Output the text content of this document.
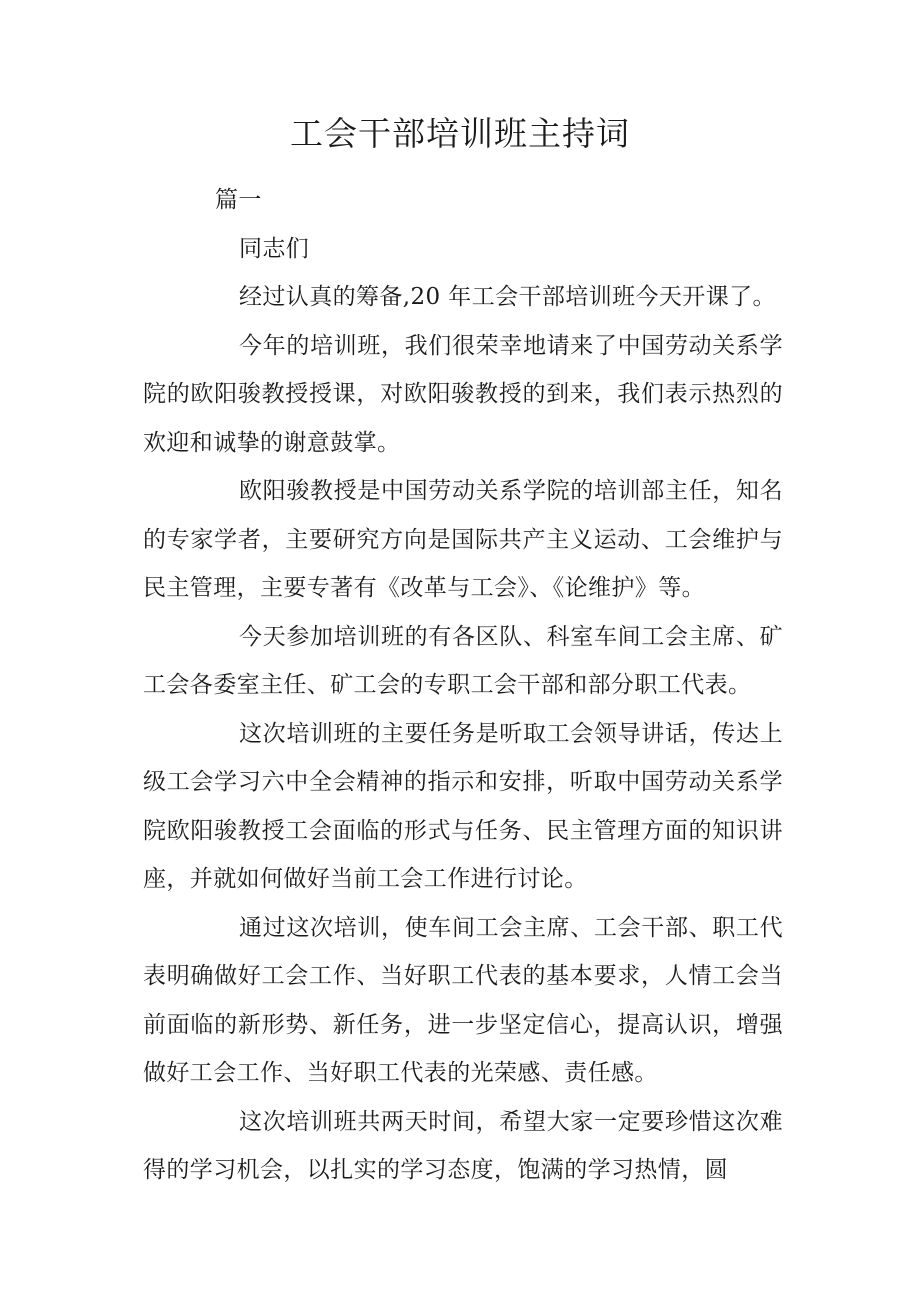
工会干部培训班主持词

篇一

同志们

经过认真的筹备,20 年工会干部培训班今天开课了。

今年的培训班，我们很荣幸地请来了中国劳动关系学院的欧阳骏教授授课，对欧阳骏教授的到来，我们表示热烈的欢迎和诚挚的谢意鼓掌。

欧阳骏教授是中国劳动关系学院的培训部主任，知名的专家学者，主要研究方向是国际共产主义运动、工会维护与民主管理，主要专著有《改革与工会》、《论维护》等。

今天参加培训班的有各区队、科室车间工会主席、矿工会各委室主任、矿工会的专职工会干部和部分职工代表。

这次培训班的主要任务是听取工会领导讲话，传达上级工会学习六中全会精神的指示和安排，听取中国劳动关系学院欧阳骏教授工会面临的形式与任务、民主管理方面的知识讲座，并就如何做好当前工会工作进行讨论。

通过这次培训，使车间工会主席、工会干部、职工代表明确做好工会工作、当好职工代表的基本要求，人情工会当前面临的新形势、新任务，进一步坚定信心，提高认识，增强做好工会工作、当好职工代表的光荣感、责任感。

这次培训班共两天时间，希望大家一定要珍惜这次难得的学习机会，以扎实的学习态度，饱满的学习热情，圆
